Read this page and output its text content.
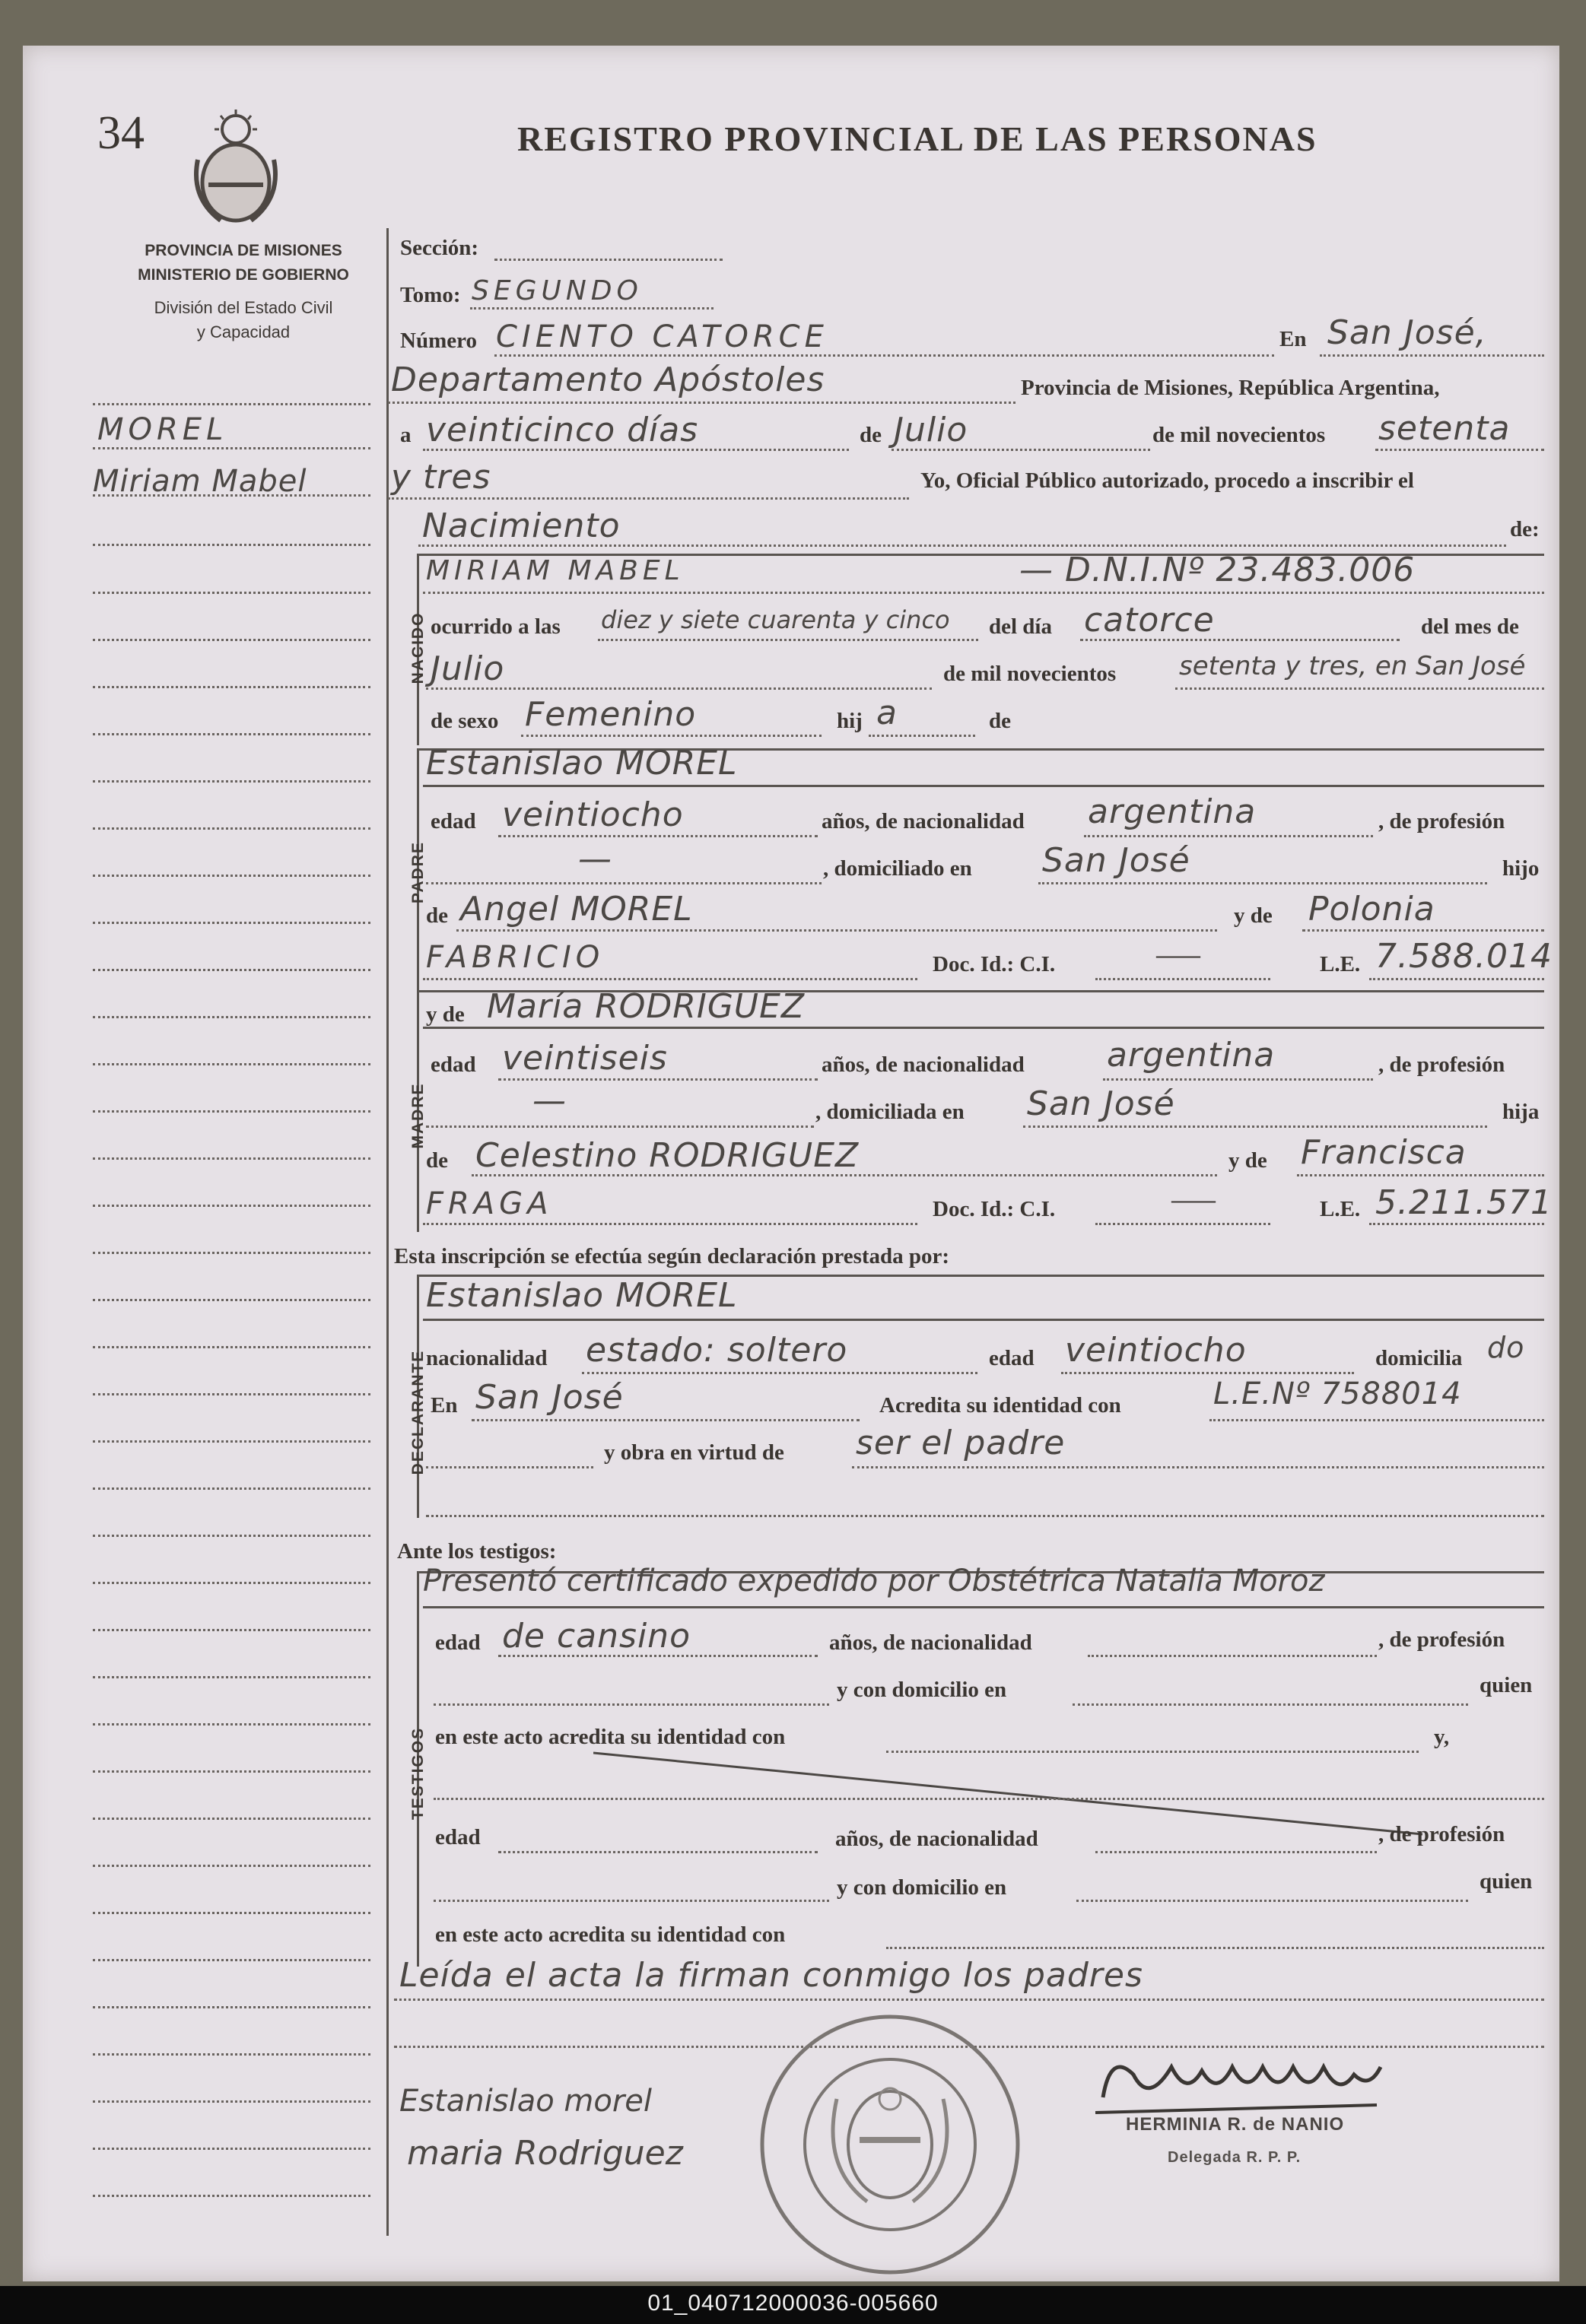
34	REGISTRO PROVINCIAL DE LAS PERSONAS
PROVINCIA DE MISIONES
MINISTERIO DE GOBIERNO
División del Estado Civil
y Capacidad
MOREL
Miriam Mabel
Sección:
Tomo: SEGUNDO
Número CIENTO CATORCE	En San José,
Departamento Apóstoles	Provincia de Misiones, República Argentina,
a veinticinco días	de Julio	de mil novecientos setenta
y tres	Yo, Oficial Público autorizado, procedo a inscribir el
Nacimiento	de:
NACIDO
MIRIAM MABEL	— D.N.I.Nº 23.483.006
ocurrido a las diez y siete cuarenta y cinco del día catorce	del mes de
Julio	de mil novecientos setenta y tres, en San José
de sexo Femenino	hij a	de
PADRE
Estanislao MOREL
edad veintiocho	años, de nacionalidad argentina	, de profesión
—	, domiciliado en San José	hijo
de Angel MOREL	y de Polonia
FABRICIO	Doc. Id.: C.I.	——	L.E. 7.588.014
MADRE
y de María RODRIGUEZ
edad veintiseis	años, de nacionalidad argentina	, de profesión
—	, domiciliada en San José	hija
de Celestino RODRIGUEZ	y de Francisca
FRAGA	Doc. Id.: C.I.	——	L.E. 5.211.571
Esta inscripción se efectúa según declaración prestada por:
DECLARANTE
Estanislao MOREL
nacionalidad estado: soltero	edad veintiocho	domicilia do
En San José	Acredita su identidad con	L.E.Nº 7588014
y obra en virtud de ser el padre
Ante los testigos:
TESTIGOS
Presentó certificado expedido por Obstétrica Natalia Moroz
edad de cansino	años, de nacionalidad	, de profesión
y con domicilio en	quien
en este acto acredita su identidad con	y,
edad	años, de nacionalidad	, de profesión
y con domicilio en	quien
en este acto acredita su identidad con
Leída el acta la firman conmigo los padres
HERMINIA R. de NANIO
Delegada R. P. P.
Estanislao morel
maria Rodriguez
01_040712000036-005660
